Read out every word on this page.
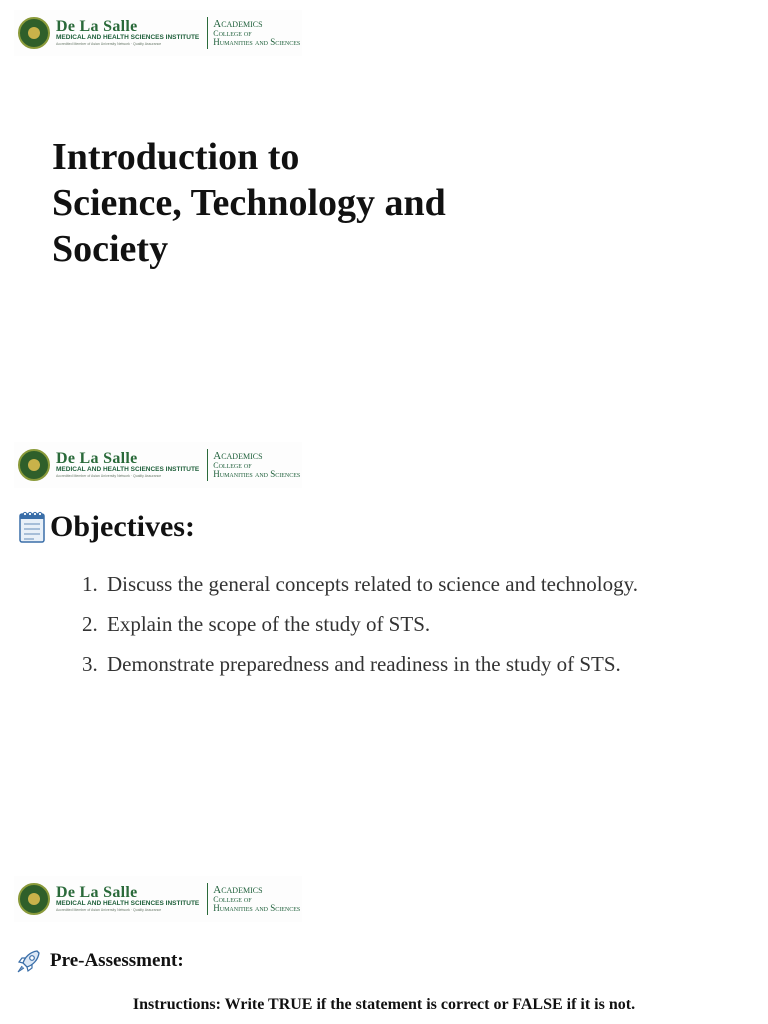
De La Salle
MEDICAL AND HEALTH SCIENCES INSTITUTE
Accredited Member of Asian University Network · Quality Assurance
Academics
College of
Humanities and Sciences
Introduction to
Science, Technology and
Society
De La Salle
MEDICAL AND HEALTH SCIENCES INSTITUTE
Accredited Member of Asian University Network · Quality Assurance
Academics
College of
Humanities and Sciences
Objectives:
1. Discuss the general concepts related to science and technology.
2. Explain the scope of the study of STS.
3. Demonstrate preparedness and readiness in the study of STS.
De La Salle
MEDICAL AND HEALTH SCIENCES INSTITUTE
Accredited Member of Asian University Network · Quality Assurance
Academics
College of
Humanities and Sciences
Pre-Assessment:
Instructions: Write TRUE if the statement is correct or FALSE if it is not.
